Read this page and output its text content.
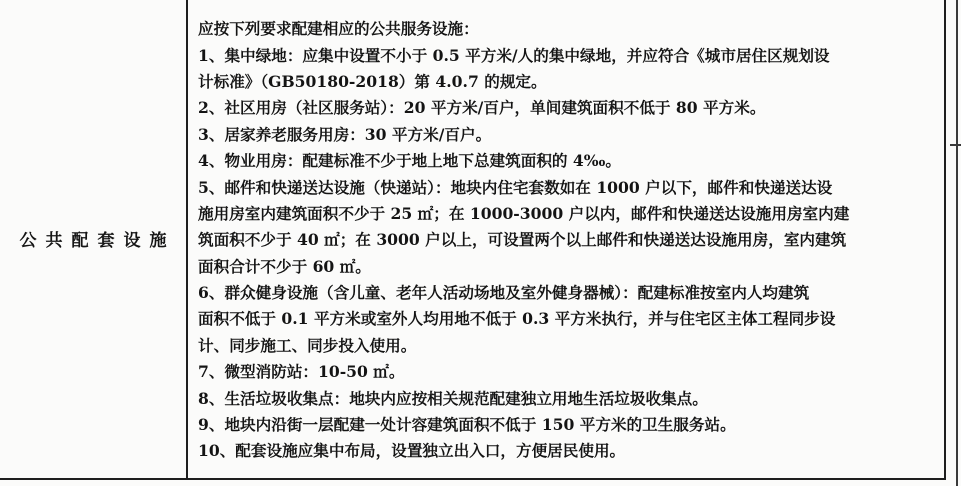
公共配套设施

应按下列要求配建相应的公共服务设施：
1、集中绿地：应集中设置不小于 0.5 平方米/人的集中绿地，并应符合《城市居住区规划设
计标准》（GB50180-2018）第 4.0.7 的规定。
2、社区用房（社区服务站）：20 平方米/百户，单间建筑面积不低于 80 平方米。
3、居家养老服务用房：30 平方米/百户。
4、物业用房：配建标准不少于地上地下总建筑面积的 4‰。
5、邮件和快递送达设施（快递站）：地块内住宅套数如在 1000 户以下，邮件和快递送达设
施用房室内建筑面积不少于 25 ㎡；在 1000-3000 户以内，邮件和快递送达设施用房室内建
筑面积不少于 40 ㎡；在 3000 户以上，可设置两个以上邮件和快递送达设施用房，室内建筑
面积合计不少于 60 ㎡。
6、群众健身设施（含儿童、老年人活动场地及室外健身器械）：配建标准按室内人均建筑
面积不低于 0.1 平方米或室外人均用地不低于 0.3 平方米执行，并与住宅区主体工程同步设
计、同步施工、同步投入使用。
7、微型消防站：10-50 ㎡。
8、生活垃圾收集点：地块内应按相关规范配建独立用地生活垃圾收集点。
9、地块内沿街一层配建一处计容建筑面积不低于 150 平方米的卫生服务站。
10、配套设施应集中布局，设置独立出入口，方便居民使用。
